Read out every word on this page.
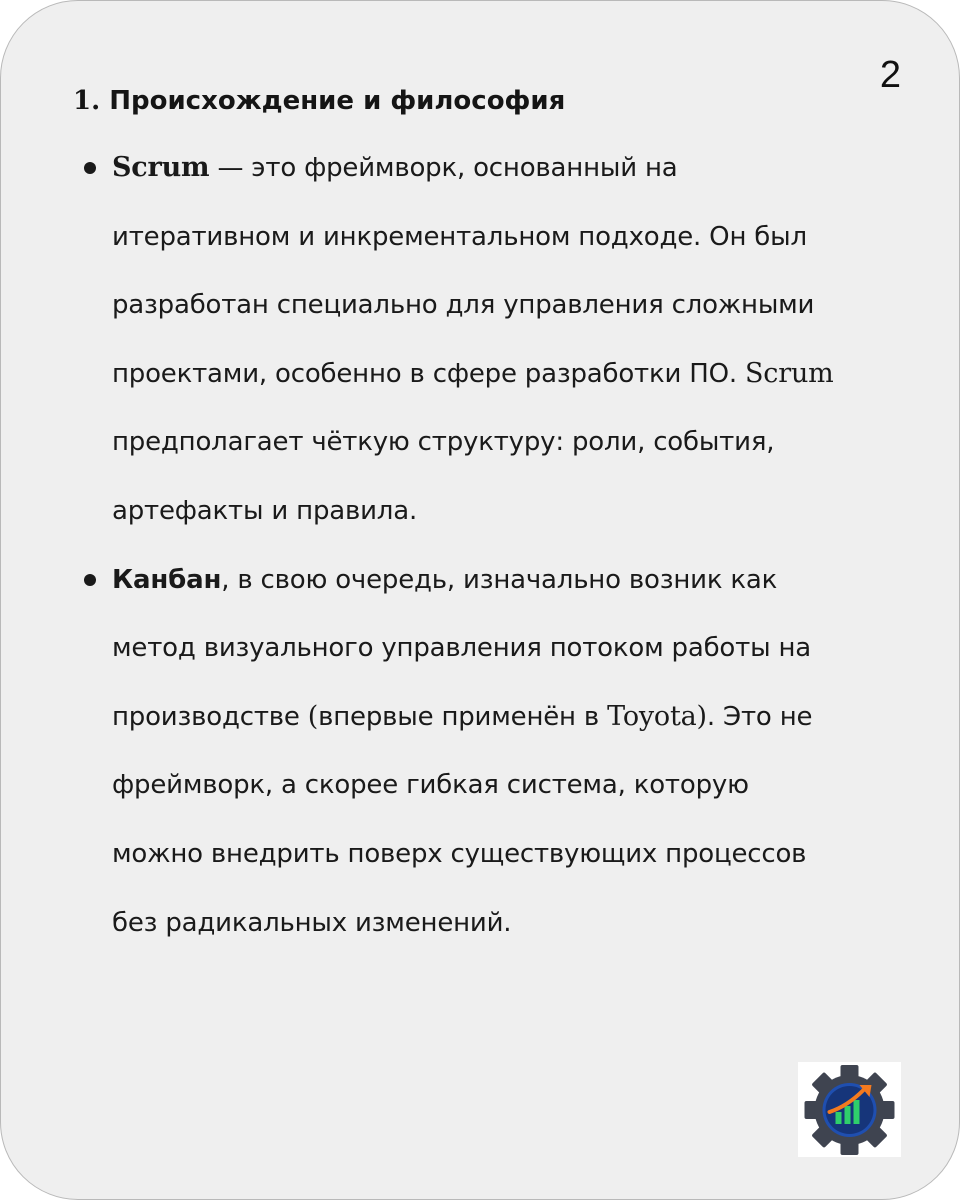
2
1. Происхождение и философия
Scrum — это фреймворк, основанный на итеративном и инкрементальном подходе. Он был разработан специально для управления сложными проектами, особенно в сфере разработки ПО. Scrum предполагает чёткую структуру: роли, события, артефакты и правила.
Канбан, в свою очередь, изначально возник как метод визуального управления потоком работы на производстве (впервые применён в Toyota). Это не фреймворк, а скорее гибкая система, которую можно внедрить поверх существующих процессов без радикальных изменений.
